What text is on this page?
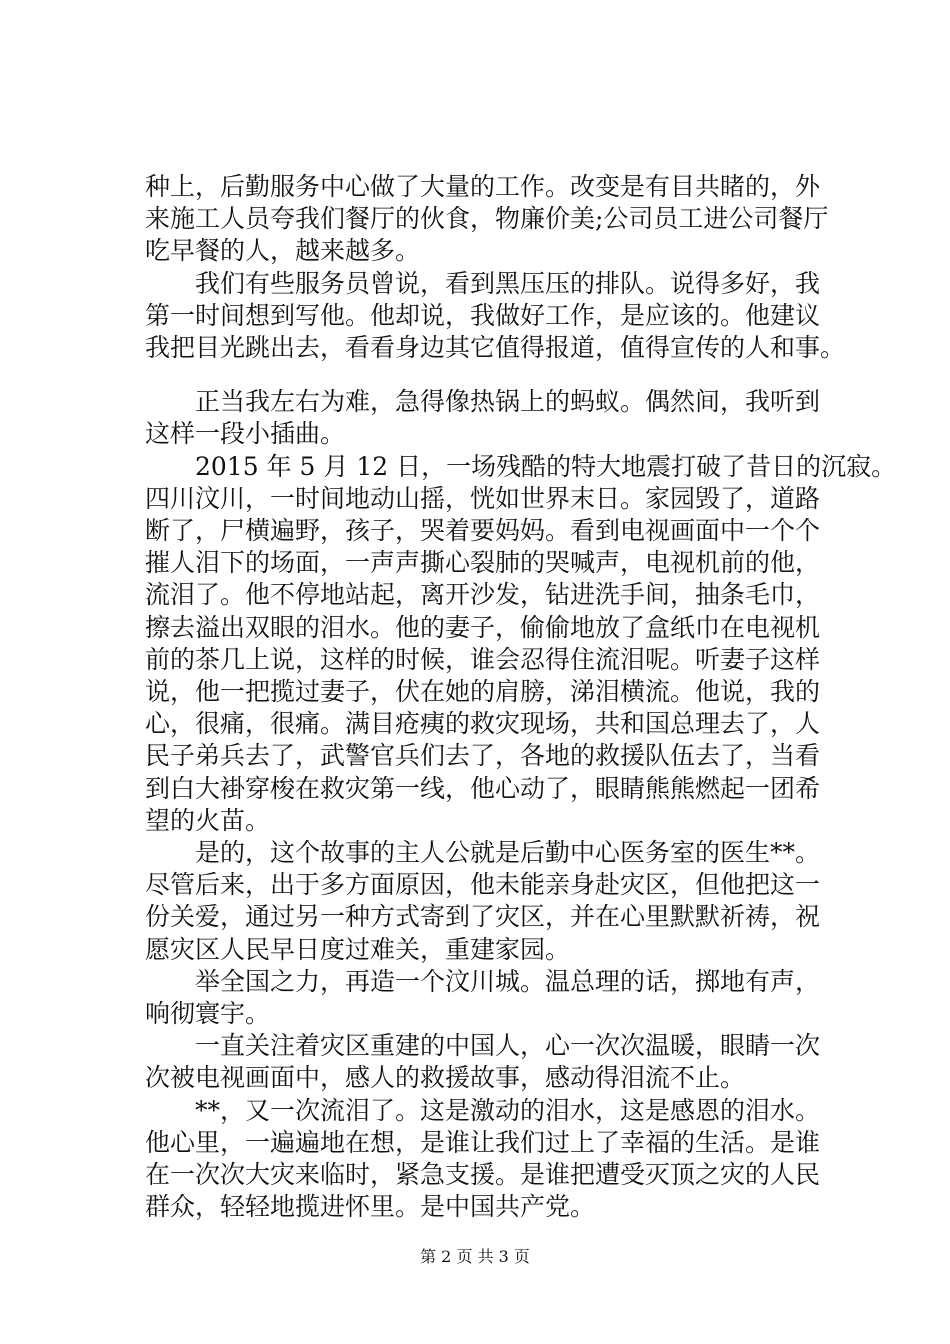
种上，后勤服务中心做了大量的工作。改变是有目共睹的，外
来施工人员夸我们餐厅的伙食，物廉价美;公司员工进公司餐厅
吃早餐的人，越来越多。
　　我们有些服务员曾说，看到黑压压的排队。说得多好，我
第一时间想到写他。他却说，我做好工作，是应该的。他建议
我把目光跳出去，看看身边其它值得报道，值得宣传的人和事。
　　正当我左右为难，急得像热锅上的蚂蚁。偶然间，我听到
这样一段小插曲。
　　2015 年 5 月 12 日，一场残酷的特大地震打破了昔日的沉寂。
四川汶川，一时间地动山摇，恍如世界末日。家园毁了，道路
断了，尸横遍野，孩子，哭着要妈妈。看到电视画面中一个个
摧人泪下的场面，一声声撕心裂肺的哭喊声，电视机前的他，
流泪了。他不停地站起，离开沙发，钻进洗手间，抽条毛巾，
擦去溢出双眼的泪水。他的妻子，偷偷地放了盒纸巾在电视机
前的茶几上说，这样的时候，谁会忍得住流泪呢。听妻子这样
说，他一把揽过妻子，伏在她的肩膀，涕泪横流。他说，我的
心，很痛，很痛。满目疮痍的救灾现场，共和国总理去了，人
民子弟兵去了，武警官兵们去了，各地的救援队伍去了，当看
到白大褂穿梭在救灾第一线，他心动了，眼睛熊熊燃起一团希
望的火苗。
　　是的，这个故事的主人公就是后勤中心医务室的医生**。
尽管后来，出于多方面原因，他未能亲身赴灾区，但他把这一
份关爱，通过另一种方式寄到了灾区，并在心里默默祈祷，祝
愿灾区人民早日度过难关，重建家园。
　　举全国之力，再造一个汶川城。温总理的话，掷地有声，
响彻寰宇。
　　一直关注着灾区重建的中国人，心一次次温暖，眼睛一次
次被电视画面中，感人的救援故事，感动得泪流不止。
　　**，又一次流泪了。这是激动的泪水，这是感恩的泪水。
他心里，一遍遍地在想，是谁让我们过上了幸福的生活。是谁
在一次次大灾来临时，紧急支援。是谁把遭受灭顶之灾的人民
群众，轻轻地揽进怀里。是中国共产党。
第 2 页 共 3 页
